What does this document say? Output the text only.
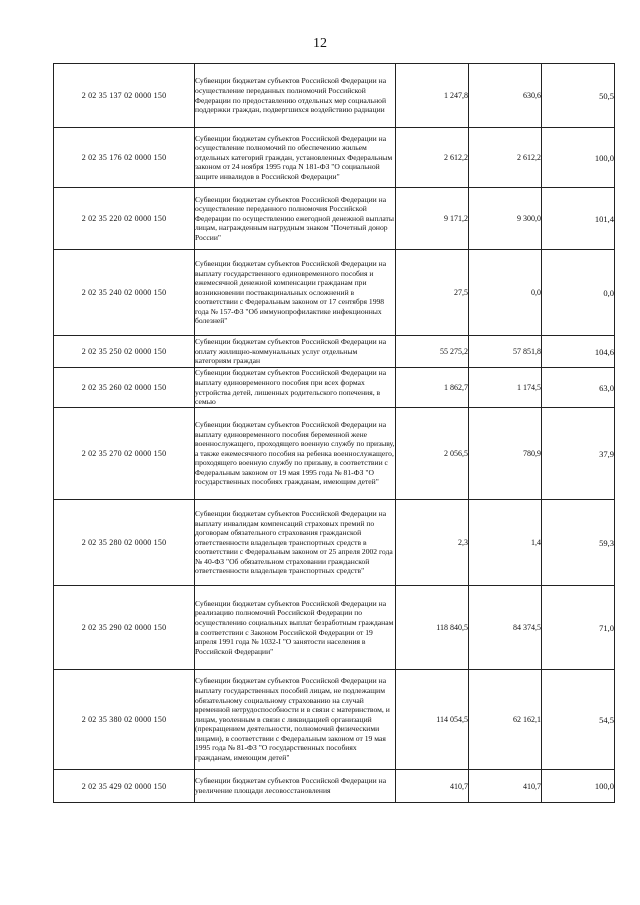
12
2 02 35 137 02 0000 150	Субвенции бюджетам субъектов Российской Федерации на осуществление переданных полномочий Российской Федерации по предоставлению отдельных мер социальной поддержки граждан, подвергшихся воздействию радиации	1 247,8	630,6	50,5
2 02 35 176 02 0000 150	Субвенции бюджетам субъектов Российской Федерации на осуществление полномочий по обеспечению жильем отдельных категорий граждан, установленных Федеральным законом от 24 ноября 1995 года N 181-ФЗ "О социальной защите инвалидов в Российской Федерации"	2 612,2	2 612,2	100,0
2 02 35 220 02 0000 150	Субвенции бюджетам субъектов Российской Федерации на осуществление переданного полномочия Российской Федерации по осуществлению ежегодной денежной выплаты лицам, награжденным нагрудным знаком "Почетный донор России"	9 171,2	9 300,0	101,4
2 02 35 240 02 0000 150	Субвенции бюджетам субъектов Российской Федерации на выплату государственного единовременного пособия и ежемесячной денежной компенсации гражданам при возникновении поствакцинальных осложнений в соответствии с Федеральным законом от 17 сентября 1998 года № 157-ФЗ "Об иммунопрофилактике инфекционных болезней"	27,5	0,0	0,0
2 02 35 250 02 0000 150	Субвенции бюджетам субъектов Российской Федерации на оплату жилищно-коммунальных услуг отдельным категориям граждан	55 275,2	57 851,8	104,6
2 02 35 260 02 0000 150	Субвенции бюджетам субъектов Российской Федерации на выплату единовременного пособия при всех формах устройства детей, лишенных родительского попечения, в семью	1 862,7	1 174,5	63,0
2 02 35 270 02 0000 150	Субвенции бюджетам субъектов Российской Федерации на выплату единовременного пособия беременной жене военнослужащего, проходящего военную службу по призыву, а также ежемесячного пособия на ребенка военнослужащего, проходящего военную службу по призыву, в соответствии с Федеральным законом от 19 мая 1995 года № 81-ФЗ "О государственных пособиях гражданам, имеющим детей"	2 056,5	780,9	37,9
2 02 35 280 02 0000 150	Субвенции бюджетам субъектов Российской Федерации на выплату инвалидам компенсаций страховых премий по договорам обязательного страхования гражданской ответственности владельцев транспортных средств в соответствии с Федеральным законом от 25 апреля 2002 года № 40-ФЗ "Об обязательном страховании гражданской ответственности владельцев транспортных средств"	2,3	1,4	59,3
2 02 35 290 02 0000 150	Субвенции бюджетам субъектов Российской Федерации на реализацию полномочий Российской Федерации по осуществлению социальных выплат безработным гражданам в соответствии с Законом Российской Федерации от 19 апреля 1991 года № 1032-I "О занятости населения в Российской Федерации"	118 840,5	84 374,5	71,0
2 02 35 380 02 0000 150	Субвенции бюджетам субъектов Российской Федерации на выплату государственных пособий лицам, не подлежащим обязательному социальному страхованию на случай временной нетрудоспособности и в связи с материнством, и лицам, уволенным в связи с ликвидацией организаций (прекращением деятельности, полномочий физическими лицами), в соответствии с Федеральным законом от 19 мая 1995 года № 81-ФЗ "О государственных пособиях гражданам, имеющим детей"	114 054,5	62 162,1	54,5
2 02 35 429 02 0000 150	Субвенции бюджетам субъектов Российской Федерации на увеличение площади лесовосстановления	410,7	410,7	100,0
